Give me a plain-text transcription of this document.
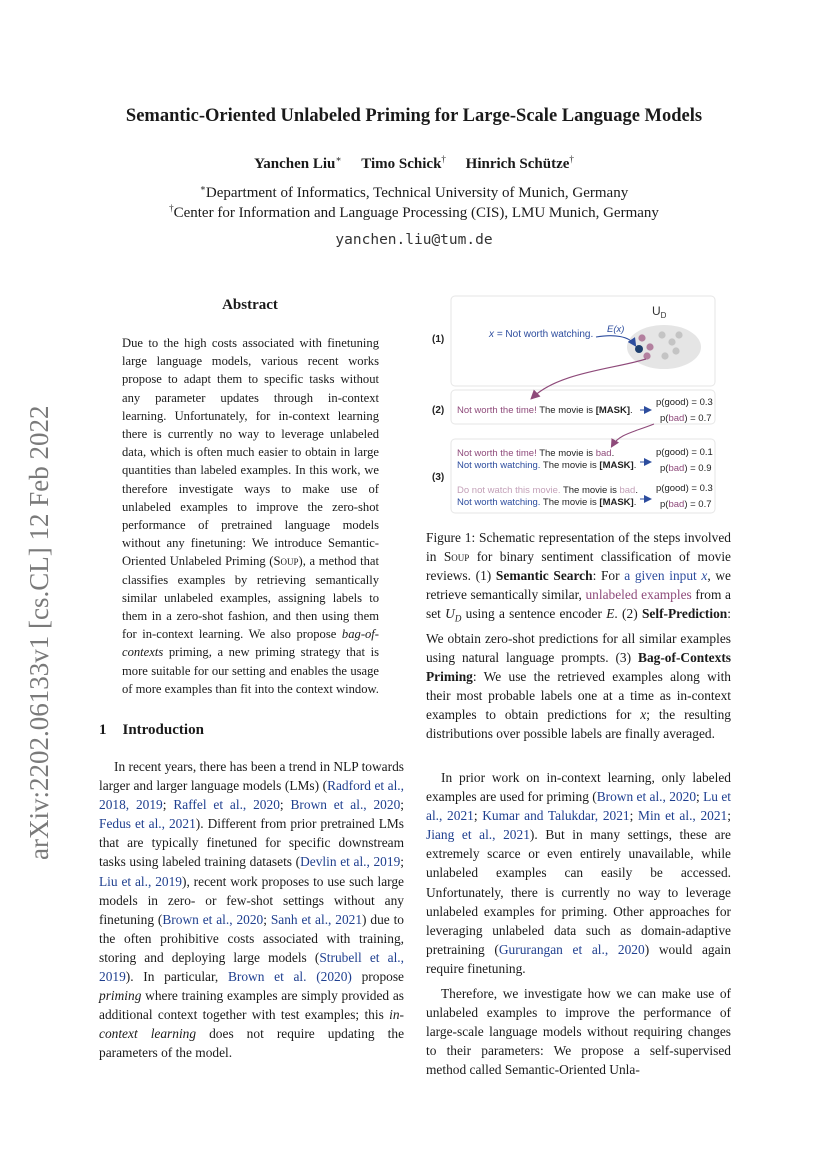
Semantic-Oriented Unlabeled Priming for Large-Scale Language Models
Yanchen Liu∗ Timo Schick† Hinrich Schütze†
∗Department of Informatics, Technical University of Munich, Germany
†Center for Information and Language Processing (CIS), LMU Munich, Germany
yanchen.liu@tum.de
arXiv:2202.06133v1 [cs.CL] 12 Feb 2022
Abstract

Due to the high costs associated with finetuning large language models, various recent works propose to adapt them to specific tasks without any parameter updates through in-context learning. Unfortunately, for in-context learning there is currently no way to leverage unlabeled data, which is often much easier to obtain in large quantities than labeled examples. In this work, we therefore investigate ways to make use of unlabeled examples to improve the zero-shot performance of pretrained language models without any finetuning: We introduce Semantic-Oriented Unlabeled Priming (Soup), a method that classifies examples by retrieving semantically similar unlabeled examples, assigning labels to them in a zero-shot fashion, and then using them for in-context learning. We also propose bag-of-contexts priming, a new priming strategy that is more suitable for our setting and enables the usage of more examples than fit into the context window.

1 Introduction

In recent years, there has been a trend in NLP towards larger and larger language models (LMs) (Radford et al., 2018, 2019; Raffel et al., 2020; Brown et al., 2020; Fedus et al., 2021). Different from prior pretrained LMs that are typically finetuned for specific downstream tasks using labeled training datasets (Devlin et al., 2019; Liu et al., 2019), recent work proposes to use such large models in zero- or few-shot settings without any finetuning (Brown et al., 2020; Sanh et al., 2021) due to the often prohibitive costs associated with training, storing and deploying large models (Strubell et al., 2019). In particular, Brown et al. (2020) propose priming where training examples are simply provided as additional context together with test examples; this in-context learning does not require updating the parameters of the model.

$U_D$
(1)
(2)
(3)
x = Not worth watching. E(x)
Not worth the time! The movie is [MASK].
p(good) = 0.3
p(bad) = 0.7
Not worth the time! The movie is bad.
Not worth watching. The movie is [MASK].
p(good) = 0.1
p(bad) = 0.9
Do not watch this movie. The movie is bad.
Not worth watching. The movie is [MASK].
p(good) = 0.3
p(bad) = 0.7
Figure 1: Schematic representation of the steps involved in Soup for binary sentiment classification of movie reviews. (1) Semantic Search: For a given input x, we retrieve semantically similar, unlabeled examples from a set $U_D$ using a sentence encoder E. (2) Self-Prediction: We obtain zero-shot predictions for all similar examples using natural language prompts. (3) Bag-of-Contexts Priming: We use the retrieved examples along with their most probable labels one at a time as in-context examples to obtain predictions for x; the resulting distributions over possible labels are finally averaged.

In prior work on in-context learning, only labeled examples are used for priming (Brown et al., 2020; Lu et al., 2021; Kumar and Talukdar, 2021; Min et al., 2021; Jiang et al., 2021). But in many settings, these are extremely scarce or even entirely unavailable, while unlabeled examples can easily be accessed. Unfortunately, there is currently no way to leverage unlabeled examples for priming. Other approaches for leveraging unlabeled data such as domain-adaptive pretraining (Gururangan et al., 2020) would again require finetuning.

Therefore, we investigate how we can make use of unlabeled examples to improve the performance of large-scale language models without requiring changes to their parameters: We propose a self-supervised method called Semantic-Oriented Unla-
